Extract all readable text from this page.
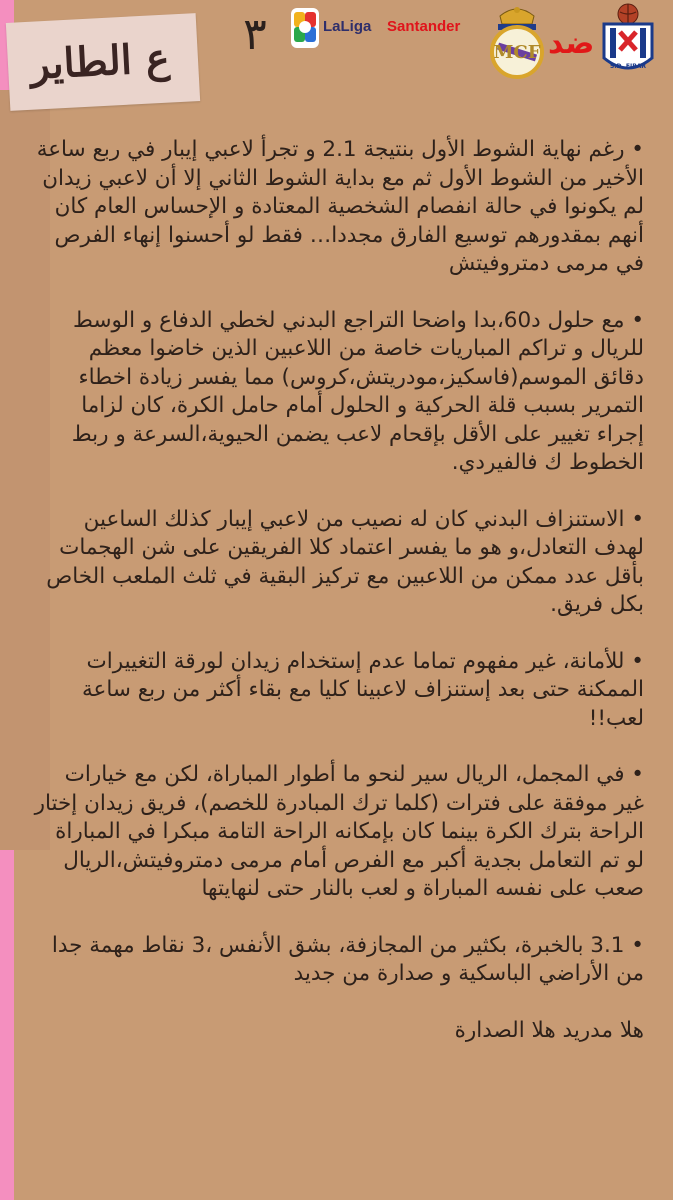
ع الطاير	٣	LaLiga Santander
MCF ضد
S.D. EIBAR

• رغم نهاية الشوط الأول بنتيجة 2.1 و تجرأ لاعبي إيبار في ربع ساعة الأخير من الشوط الأول ثم مع بداية الشوط الثاني إلا أن لاعبي زيدان لم يكونوا في حالة انفصام الشخصية المعتادة و الإحساس العام كان أنهم بمقدورهم توسيع الفارق مجددا… فقط لو أحسنوا إنهاء الفرص في مرمى دمتروفيتش

• مع حلول د60،بدا واضحا التراجع البدني لخطي الدفاع و الوسط للريال و تراكم المباريات خاصة من اللاعبين الذين خاضوا معظم دقائق الموسم(فاسكيز،مودريتش،كروس) مما يفسر زيادة اخطاء التمرير بسبب قلة الحركية و الحلول أمام حامل الكرة، كان لزاما إجراء تغيير على الأقل بإقحام لاعب يضمن الحيوية،السرعة و ربط الخطوط ك فالفيردي.

• الاستنزاف البدني كان له نصيب من لاعبي إيبار كذلك الساعين لهدف التعادل،و هو ما يفسر اعتماد كلا الفريقين على شن الهجمات بأقل عدد ممكن من اللاعبين مع تركيز البقية في ثلث الملعب الخاص بكل فريق.

• للأمانة، غير مفهوم تماما عدم إستخدام زيدان لورقة التغييرات الممكنة حتى بعد إستنزاف لاعبينا كليا مع بقاء أكثر من ربع ساعة لعب!!

• في المجمل، الريال سير لنحو ما أطوار المباراة، لكن مع خيارات غير موفقة على فترات (كلما ترك المبادرة للخصم)، فريق زيدان إختار الراحة بترك الكرة بينما كان بإمكانه الراحة التامة مبكرا في المباراة لو تم التعامل بجدية أكبر مع الفرص أمام مرمى دمتروفيتش،الريال صعب على نفسه المباراة و لعب بالنار حتى لنهايتها

• 3.1 بالخبرة، بكثير من المجازفة، بشق الأنفس ،3 نقاط مهمة جدا من الأراضي الباسكية و صدارة من جديد

هلا مدريد هلا الصدارة
